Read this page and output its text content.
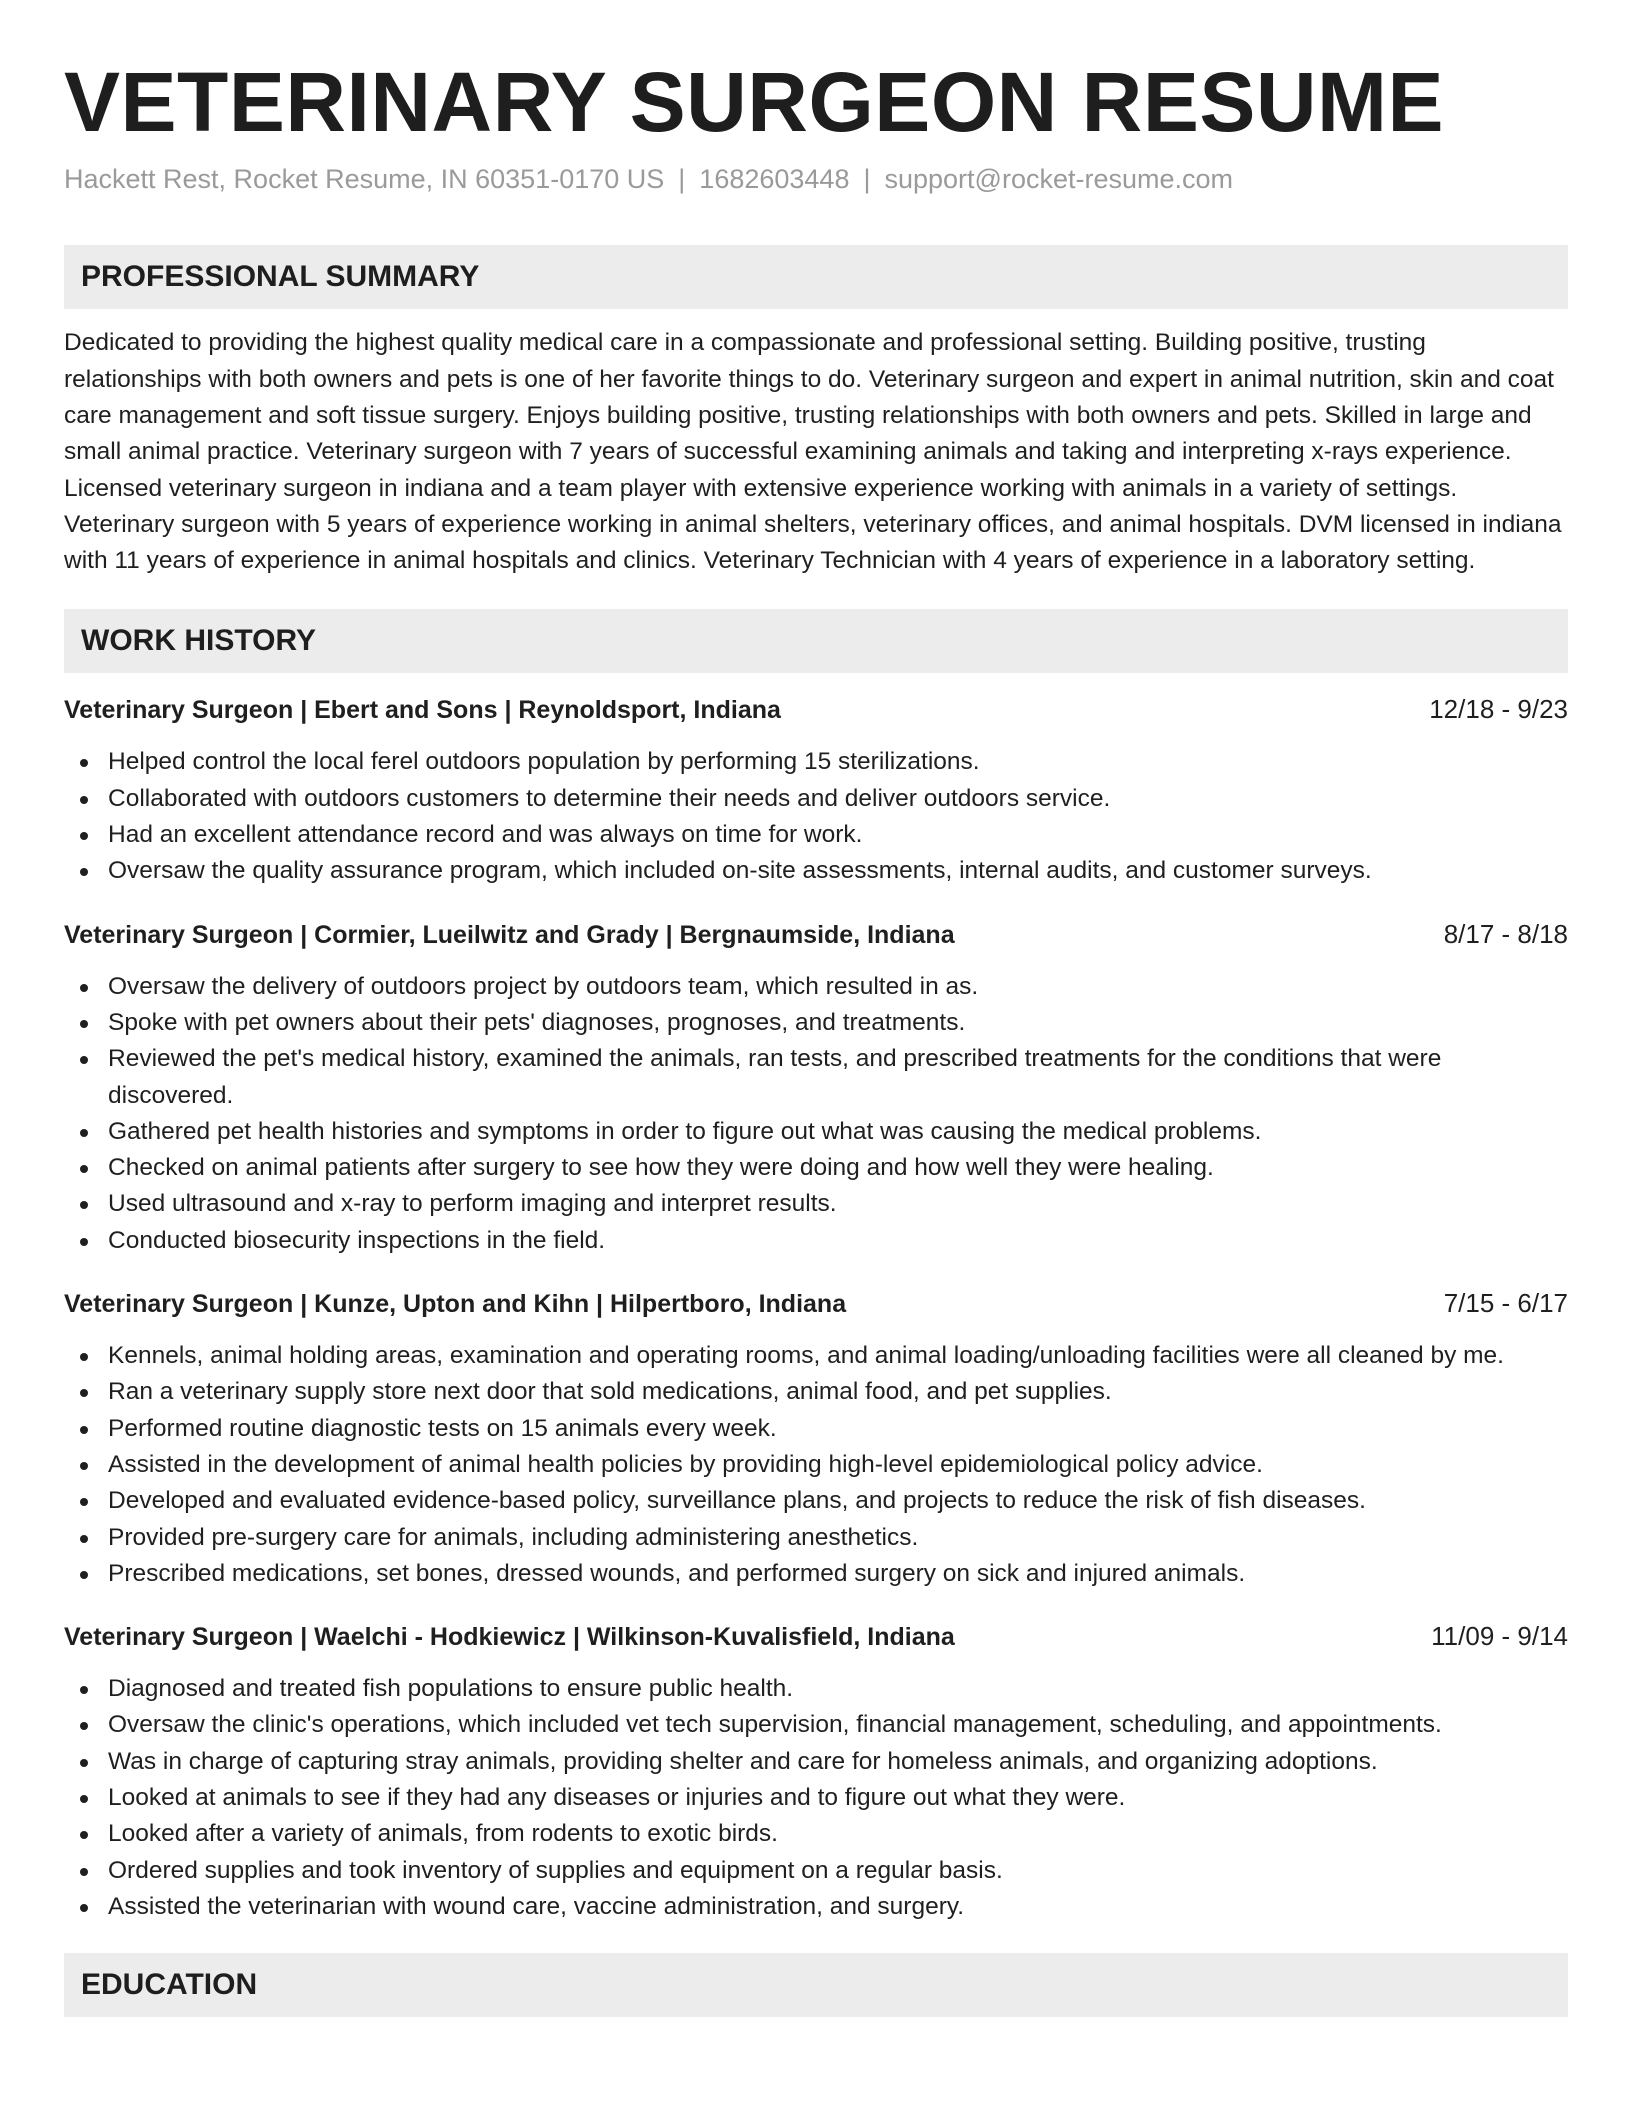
VETERINARY SURGEON RESUME
Hackett Rest, Rocket Resume, IN 60351-0170 US | 1682603448 | support@rocket-resume.com
PROFESSIONAL SUMMARY

Dedicated to providing the highest quality medical care in a compassionate and professional setting. Building positive, trusting relationships with both owners and pets is one of her favorite things to do. Veterinary surgeon and expert in animal nutrition, skin and coat care management and soft tissue surgery. Enjoys building positive, trusting relationships with both owners and pets. Skilled in large and small animal practice. Veterinary surgeon with 7 years of successful examining animals and taking and interpreting x-rays experience. Licensed veterinary surgeon in indiana and a team player with extensive experience working with animals in a variety of settings. Veterinary surgeon with 5 years of experience working in animal shelters, veterinary offices, and animal hospitals. DVM licensed in indiana with 11 years of experience in animal hospitals and clinics. Veterinary Technician with 4 years of experience in a laboratory setting.

WORK HISTORY
Veterinary Surgeon | Ebert and Sons | Reynoldsport, Indiana	12/18 - 9/23
Helped control the local ferel outdoors population by performing 15 sterilizations.
Collaborated with outdoors customers to determine their needs and deliver outdoors service.
Had an excellent attendance record and was always on time for work.
Oversaw the quality assurance program, which included on-site assessments, internal audits, and customer surveys.
Veterinary Surgeon | Cormier, Lueilwitz and Grady | Bergnaumside, Indiana	8/17 - 8/18
Oversaw the delivery of outdoors project by outdoors team, which resulted in as.
Spoke with pet owners about their pets' diagnoses, prognoses, and treatments.
Reviewed the pet's medical history, examined the animals, ran tests, and prescribed treatments for the conditions that were discovered.
Gathered pet health histories and symptoms in order to figure out what was causing the medical problems.
Checked on animal patients after surgery to see how they were doing and how well they were healing.
Used ultrasound and x-ray to perform imaging and interpret results.
Conducted biosecurity inspections in the field.
Veterinary Surgeon | Kunze, Upton and Kihn | Hilpertboro, Indiana	7/15 - 6/17
Kennels, animal holding areas, examination and operating rooms, and animal loading/unloading facilities were all cleaned by me.
Ran a veterinary supply store next door that sold medications, animal food, and pet supplies.
Performed routine diagnostic tests on 15 animals every week.
Assisted in the development of animal health policies by providing high-level epidemiological policy advice.
Developed and evaluated evidence-based policy, surveillance plans, and projects to reduce the risk of fish diseases.
Provided pre-surgery care for animals, including administering anesthetics.
Prescribed medications, set bones, dressed wounds, and performed surgery on sick and injured animals.
Veterinary Surgeon | Waelchi - Hodkiewicz | Wilkinson-Kuvalisfield, Indiana	11/09 - 9/14
Diagnosed and treated fish populations to ensure public health.
Oversaw the clinic's operations, which included vet tech supervision, financial management, scheduling, and appointments.
Was in charge of capturing stray animals, providing shelter and care for homeless animals, and organizing adoptions.
Looked at animals to see if they had any diseases or injuries and to figure out what they were.
Looked after a variety of animals, from rodents to exotic birds.
Ordered supplies and took inventory of supplies and equipment on a regular basis.
Assisted the veterinarian with wound care, vaccine administration, and surgery.
EDUCATION
